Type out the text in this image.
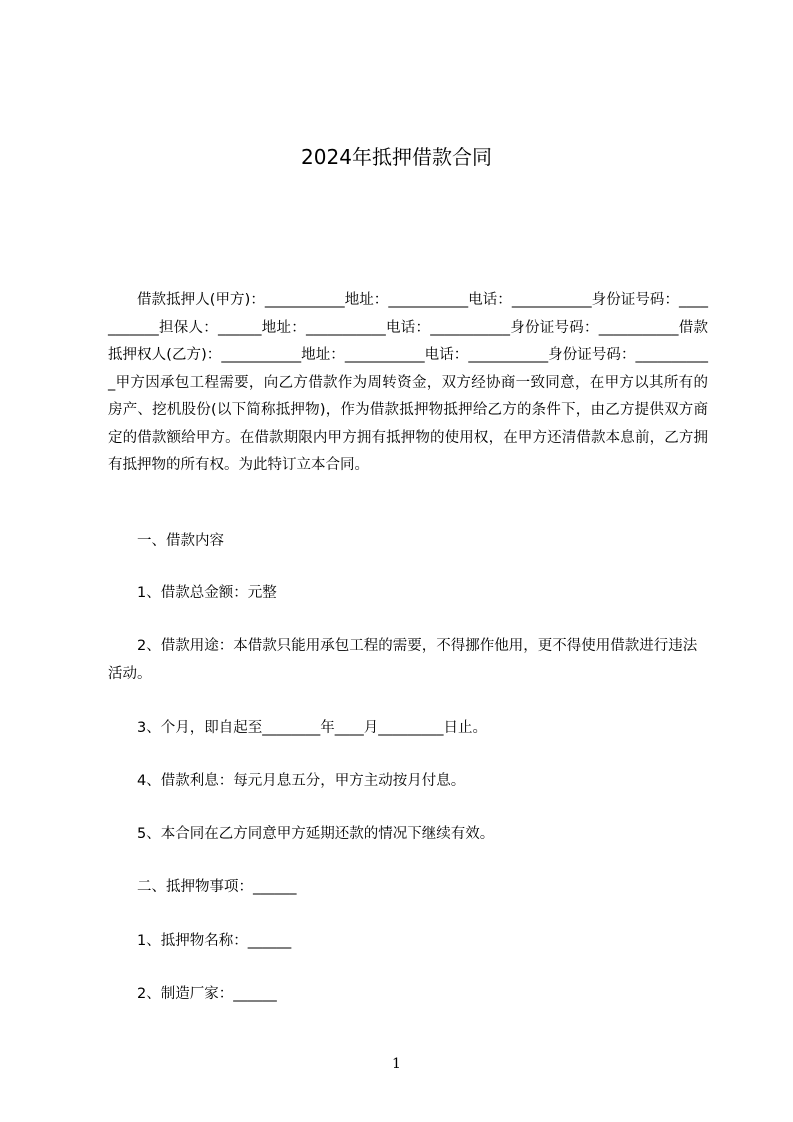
2024年抵押借款合同

借款抵押人(甲方)：___________地址：___________电话：___________身份证号码：___________担保人：______地址：___________电话：___________身份证号码：___________借款抵押权人(乙方)：___________地址：___________电话：___________身份证号码：___________甲方因承包工程需要，向乙方借款作为周转资金，双方经协商一致同意，在甲方以其所有的房产、挖机股份(以下简称抵押物)，作为借款抵押物抵押给乙方的条件下，由乙方提供双方商定的借款额给甲方。在借款期限内甲方拥有抵押物的使用权，在甲方还清借款本息前，乙方拥有抵押物的所有权。为此特订立本合同。

一、借款内容

1、借款总金额：元整

2、借款用途：本借款只能用承包工程的需要，不得挪作他用，更不得使用借款进行违法活动。

3、个月，即自起至________年____月_________日止。

4、借款利息：每元月息五分，甲方主动按月付息。

5、本合同在乙方同意甲方延期还款的情况下继续有效。

二、抵押物事项：______

1、抵押物名称：______

2、制造厂家：______

1
